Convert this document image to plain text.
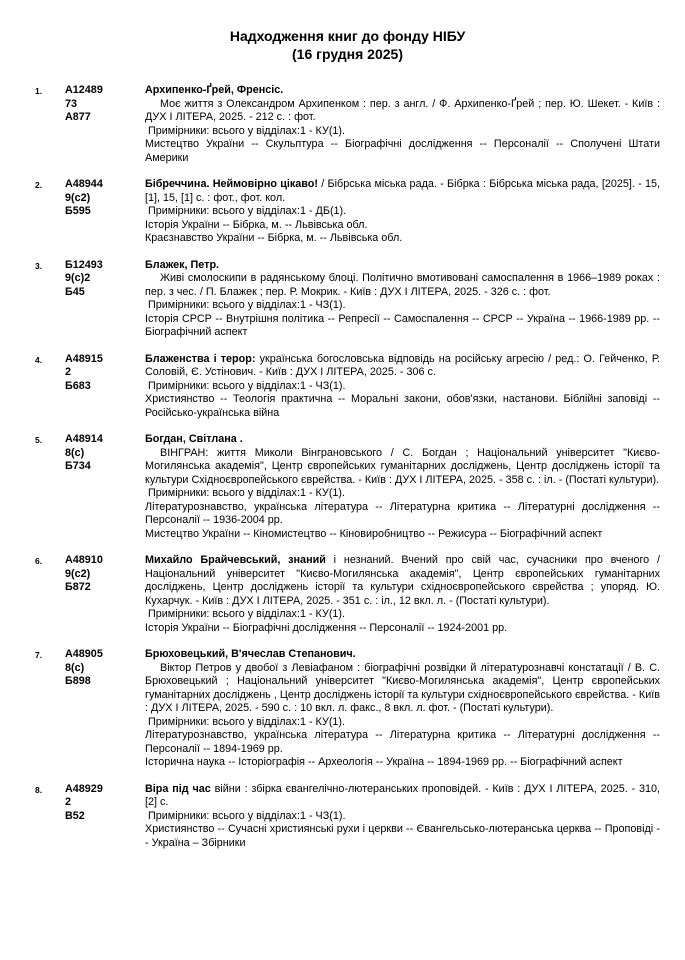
Надходження книг до фонду НІБУ
(16 грудня 2025)
1.	А12489
73
А877
Архипенко-Ґрей, Френсіс.
Моє життя з Олександром Архипенком : пер. з англ. / Ф. Архипенко-Ґрей ; пер. Ю. Шекет. - Київ : ДУХ І ЛІТЕРА, 2025. - 212 с. : фот.
Примірники: всього у відділах:1 - КУ(1).
Мистецтво України -- Скульптура -- Біографічні дослідження -- Персоналії -- Сполучені Штати Америки
2.	А48944
9(с2)
Б595
Бібреччина. Неймовірно цікаво! / Бібрська міська рада. - Бібрка : Бібрська міська рада, [2025]. - 15, [1], 15, [1] с. : фот., фот. кол.
Примірники: всього у відділах:1 - ДБ(1).
Історія України -- Бібрка, м. -- Львівська обл.
Краєзнавство України -- Бібрка, м. -- Львівська обл.
3.	Б12493
9(с)2
Б45
Блажек, Петр.
Живі смолоскипи в радянському блоці. Політично вмотивовані самоспалення в 1966–1989 роках : пер. з чес. / П. Блажек ; пер. Р. Мокрик. - Київ : ДУХ І ЛІТЕРА, 2025. - 326 с. : фот.
Примірники: всього у відділах:1 - ЧЗ(1).
Історія СРСР -- Внутрішня політика -- Репресії -- Самоспалення -- СРСР -- Україна -- 1966-1989 рр. -- Біографічний аспект
4.	А48915
2
Б683
Блаженства і терор: українська богословська відповідь на російську агресію / ред.: О. Гейченко, Р. Соловій, Є. Устінович. - Київ : ДУХ І ЛІТЕРА, 2025. - 306 с.
Примірники: всього у відділах:1 - ЧЗ(1).
Християнство -- Теологія практична -- Моральні закони, обов'язки, настанови. Біблійні заповіді -- Російсько-українська війна
5.	А48914
8(с)
Б734
Богдан, Світлана .
ВІНГРАН: життя Миколи Вінграновського / С. Богдан ; Національний університет "Києво-Могилянська академія", Центр європейських гуманітарних досліджень, Центр досліджень історії та культури Східноєвропейського єврейства. - Київ : ДУХ І ЛІТЕРА, 2025. - 358 с. : іл. - (Постаті культури).
Примірники: всього у відділах:1 - КУ(1).
Літературознавство, українська література -- Літературна критика -- Літературні дослідження -- Персоналії -- 1936-2004 рр.
Мистецтво України -- Кіномистецтво -- Кіновиробництво -- Режисура -- Біографічний аспект
6.	А48910
9(с2)
Б872
Михайло Брайчевський, знаний і незнаний. Вчений про свій час, сучасники про вченого / Національний університет "Києво-Могилянська академія", Центр європейських гуманітарних досліджень, Центр досліджень історії та культури східноєвропейського єврейства ; упоряд. Ю. Кухарчук. - Київ : ДУХ І ЛІТЕРА, 2025. - 351 с. : іл., 12 вкл. л. - (Постаті культури).
Примірники: всього у відділах:1 - КУ(1).
Історія України -- Біографічні дослідження -- Персоналії -- 1924-2001 рр.
7.	А48905
8(с)
Б898
Брюховецький, В'ячеслав Степанович.
Віктор Петров у двобої з Левіафаном : біографічні розвідки й літературознавчі констатації / В. С. Брюховецький ; Національний університет "Києво-Могилянська академія", Центр європейських гуманітарних досліджень , Центр досліджень історії та культури східноєвропейського єврейства. - Київ : ДУХ І ЛІТЕРА, 2025. - 590 с. : 10 вкл. л. факс., 8 вкл. л. фот. - (Постаті культури).
Примірники: всього у відділах:1 - КУ(1).
Літературознавство, українська література -- Літературна критика -- Літературні дослідження -- Персоналії -- 1894-1969 рр.
Історична наука -- Історіографія -- Археологія -- Україна -- 1894-1969 рр. -- Біографічний аспект
8.	А48929
2
В52
Віра під час війни : збірка євангелічно-лютеранських проповідей. - Київ : ДУХ І ЛІТЕРА, 2025. - 310, [2] с.
Примірники: всього у відділах:1 - ЧЗ(1).
Християнство -- Сучасні християнські рухи і церкви -- Євангельсько-лютеранська церква -- Проповіді -- Україна – Збірники
